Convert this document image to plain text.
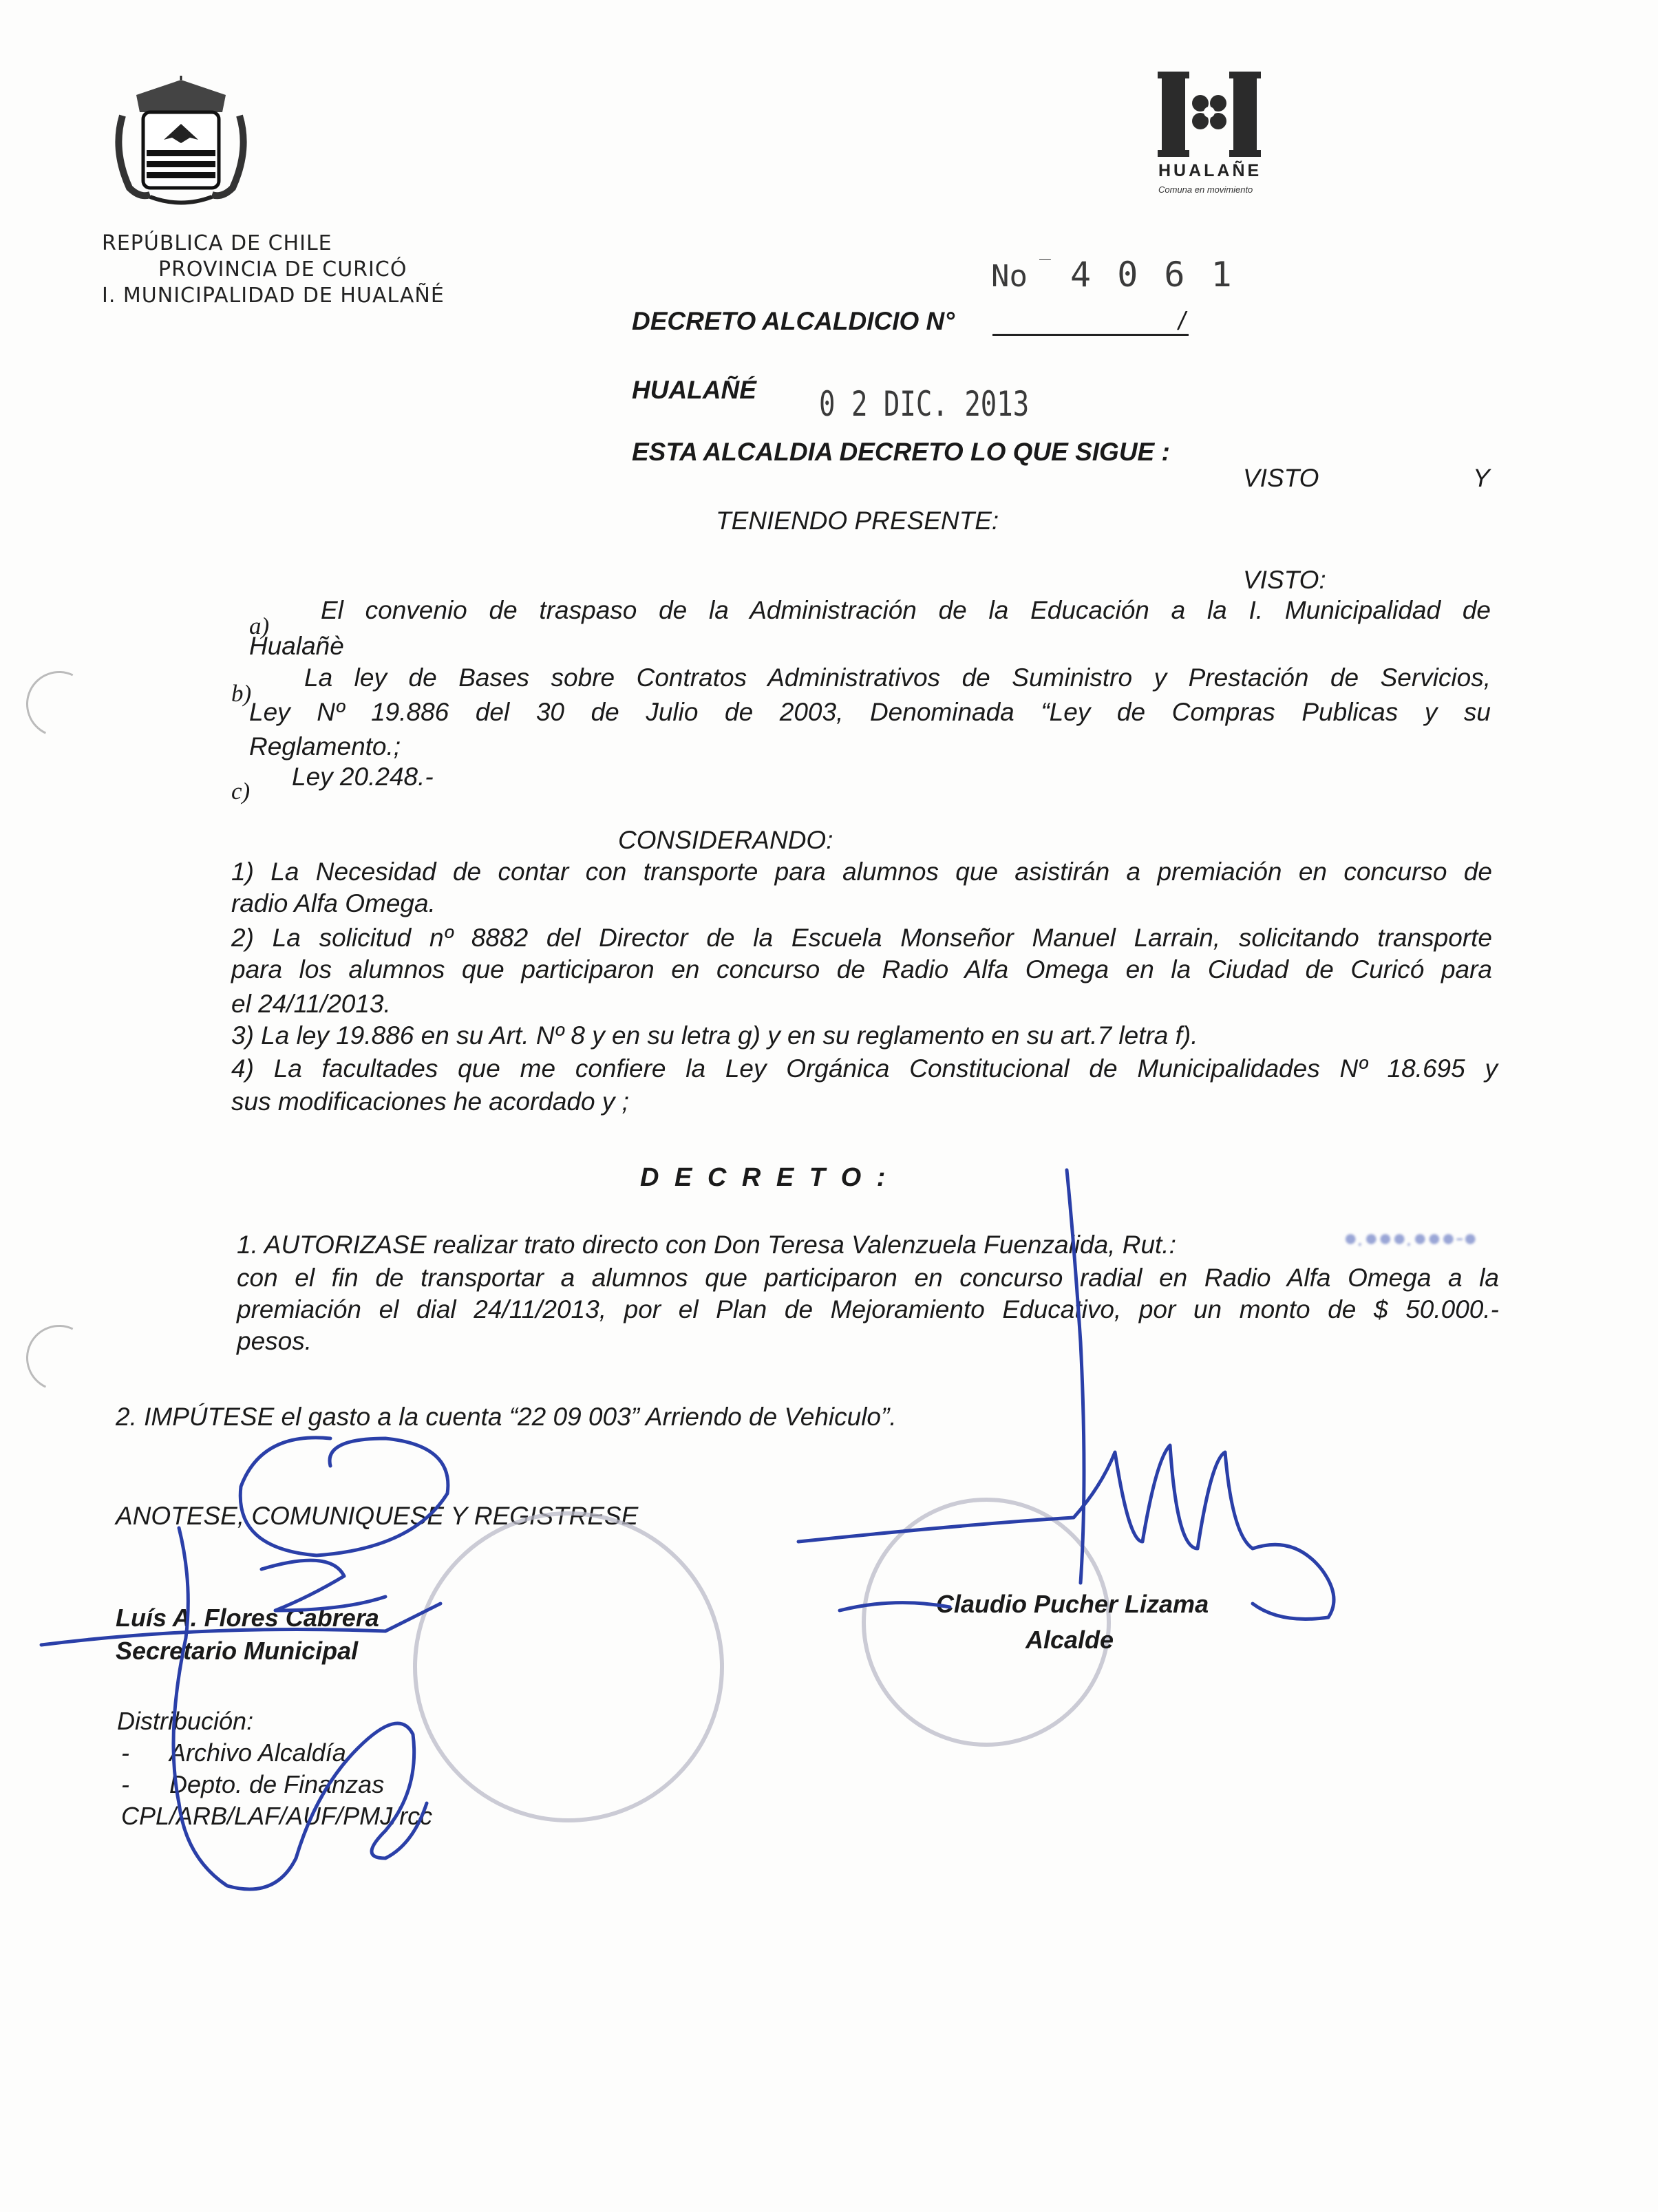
REPÚBLICA DE CHILE
PROVINCIA DE CURICÓ
I. MUNICIPALIDAD DE HUALAÑÉ
HUALAÑE
Comuna en movimiento
No ‾ 4 0 6 1
DECRETO ALCALDICIO N°	/
HUALAÑÉ 0 2 DIC. 2013
ESTA ALCALDIA DECRETO LO QUE SIGUE :
VISTO	Y
TENIENDO PRESENTE:
VISTO:
a)
El convenio de traspaso de la Administración de la Educación a la I. Municipalidad de
Hualañè
b)
La ley de Bases sobre Contratos Administrativos de Suministro y Prestación de Servicios,
Ley Nº 19.886 del 30 de Julio de 2003, Denominada “Ley de Compras Publicas y su
Reglamento.;
c)
Ley 20.248.-
CONSIDERANDO:
1) La Necesidad de contar con transporte para alumnos que asistirán a premiación en concurso de
radio Alfa Omega.
2) La solicitud nº 8882 del Director de la Escuela Monseñor Manuel Larrain, solicitando transporte
para los alumnos que participaron en concurso de Radio Alfa Omega en la Ciudad de Curicó para
el 24/11/2013.
3) La ley 19.886 en su Art. Nº 8 y en su letra g) y en su reglamento en su art.7 letra f).
4) La facultades que me confiere la Ley Orgánica Constitucional de Municipalidades Nº 18.695 y
sus modificaciones he acordado y ;
D E C R E T O :
1. AUTORIZASE realizar trato directo con Don Teresa Valenzuela Fuenzalida, Rut.:	●.●●●.●●●-●
con el fin de transportar a alumnos que participaron en concurso radial en Radio Alfa Omega a la
premiación el dial 24/11/2013, por el Plan de Mejoramiento Educativo, por un monto de $ 50.000.-
pesos.
2. IMPÚTESE el gasto a la cuenta “22 09 003” Arriendo de Vehiculo”.
ANOTESE, COMUNIQUESE Y REGISTRESE
Luís A. Flores Cabrera
Secretario Municipal
Claudio Pucher Lizama
Alcalde
Distribución:
- Archivo Alcaldía
- Depto. de Finanzas
CPL/ARB/LAF/AUF/PMJ/rcc
